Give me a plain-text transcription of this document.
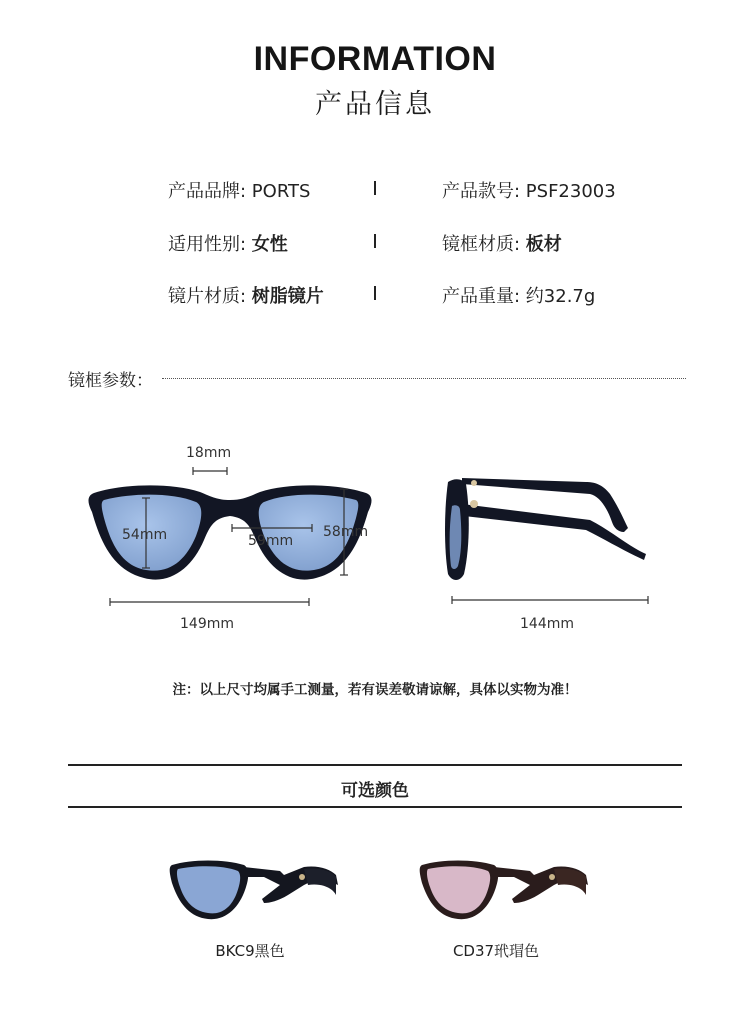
INFORMATION
产品信息
产品品牌: PORTS	产品款号: PSF23003
适用性别: 女性	镜框材质: 板材
镜片材质: 树脂镜片	产品重量: 约32.7g
镜框参数：
18mm
54mm	59mm
58mm
149mm	144mm
注：以上尺寸均属手工测量，若有误差敬请谅解，具体以实物为准！
可选颜色
BKC9黑色	CD37玳瑁色
